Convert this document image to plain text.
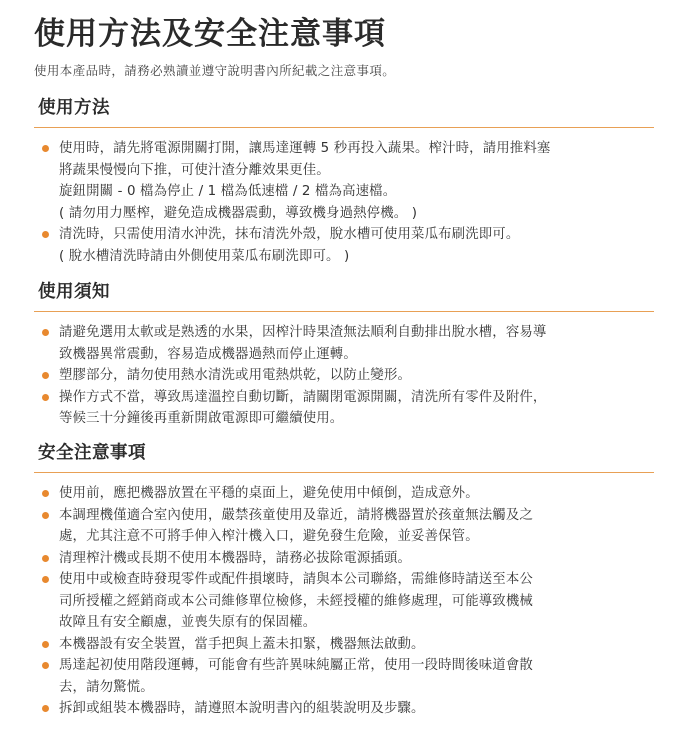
使用方法及安全注意事項
使用本產品時，請務必熟讀並遵守說明書內所紀載之注意事項。
使用方法
使用時，請先將電源開關打開，讓馬達運轉 5 秒再投入蔬果。榨汁時，請用推料塞
將蔬果慢慢向下推，可使汁渣分離效果更佳。
旋鈕開關 - 0 檔為停止 / 1 檔為低速檔 / 2 檔為高速檔。
( 請勿用力壓榨，避免造成機器震動，導致機身過熱停機。 )
清洗時，只需使用清水沖洗，抹布清洗外殼，脫水槽可使用菜瓜布刷洗即可。
( 脫水槽清洗時請由外側使用菜瓜布刷洗即可。 )
使用須知
請避免選用太軟或是熟透的水果，因榨汁時果渣無法順利自動排出脫水槽，容易導
致機器異常震動，容易造成機器過熱而停止運轉。
塑膠部分，請勿使用熱水清洗或用電熱烘乾，以防止變形。
操作方式不當，導致馬達溫控自動切斷，請關閉電源開關，清洗所有零件及附件，
等候三十分鐘後再重新開啟電源即可繼續使用。
安全注意事項
使用前，應把機器放置在平穩的桌面上，避免使用中傾倒，造成意外。
本調理機僅適合室內使用，嚴禁孩童使用及靠近，請將機器置於孩童無法觸及之
處，尤其注意不可將手伸入榨汁機入口，避免發生危險，並妥善保管。
清理榨汁機或長期不使用本機器時，請務必拔除電源插頭。
使用中或檢查時發現零件或配件損壞時，請與本公司聯絡，需維修時請送至本公
司所授權之經銷商或本公司維修單位檢修，未經授權的維修處理，可能導致機械
故障且有安全顧慮，並喪失原有的保固權。
本機器設有安全裝置，當手把與上蓋未扣緊，機器無法啟動。
馬達起初使用階段運轉，可能會有些許異味純屬正常，使用一段時間後味道會散
去，請勿驚慌。
拆卸或組裝本機器時，請遵照本說明書內的組裝說明及步驟。
